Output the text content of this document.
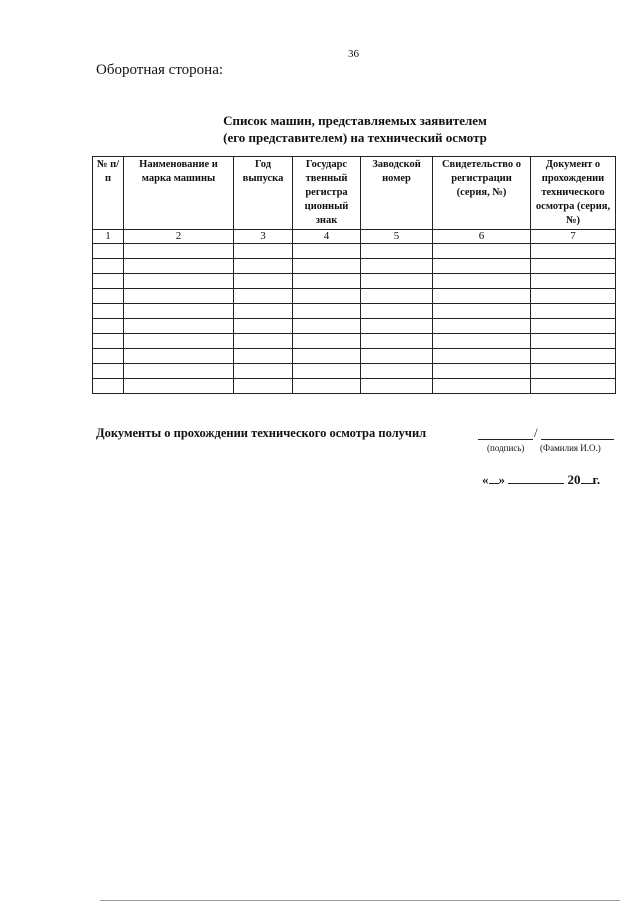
36
Оборотная сторона:
Список машин, представляемых заявителем
(его представителем) на технический осмотр
№ п/п	Наименование и марка машины	Год выпуска	Государс твенный регистра ционный знак	Заводской номер	Свидетельство о регистрации (серия, №)	Документ о прохождении технического осмотра (серия, №)
1	2	3	4	5	6	7

Документы о прохождении технического осмотра получил	/
(подпись) (Фамилия И.О.)
« »	20 г.
